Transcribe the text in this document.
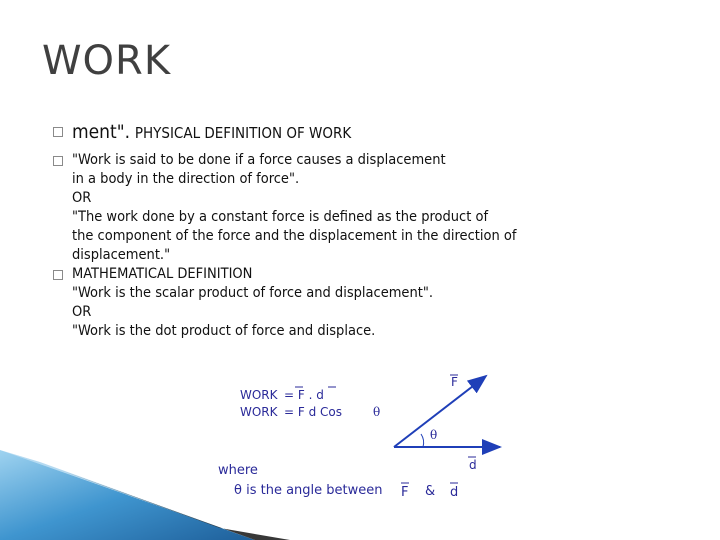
WORK
ment". PHYSICAL DEFINITION OF WORK
"Work is said to be done if a force causes a displacement
in a body in the direction of force".
OR
"The work done by a constant force is defined as the product of
the component of the force and the displacement in the direction of
displacement."
MATHEMATICAL DEFINITION
"Work is the scalar product of force and displacement".
OR
"Work is the dot product of force and displace.
WORK = F . d
WORK = F d Cos	θ
F
θ
d
where
θ is the angle between F & d
